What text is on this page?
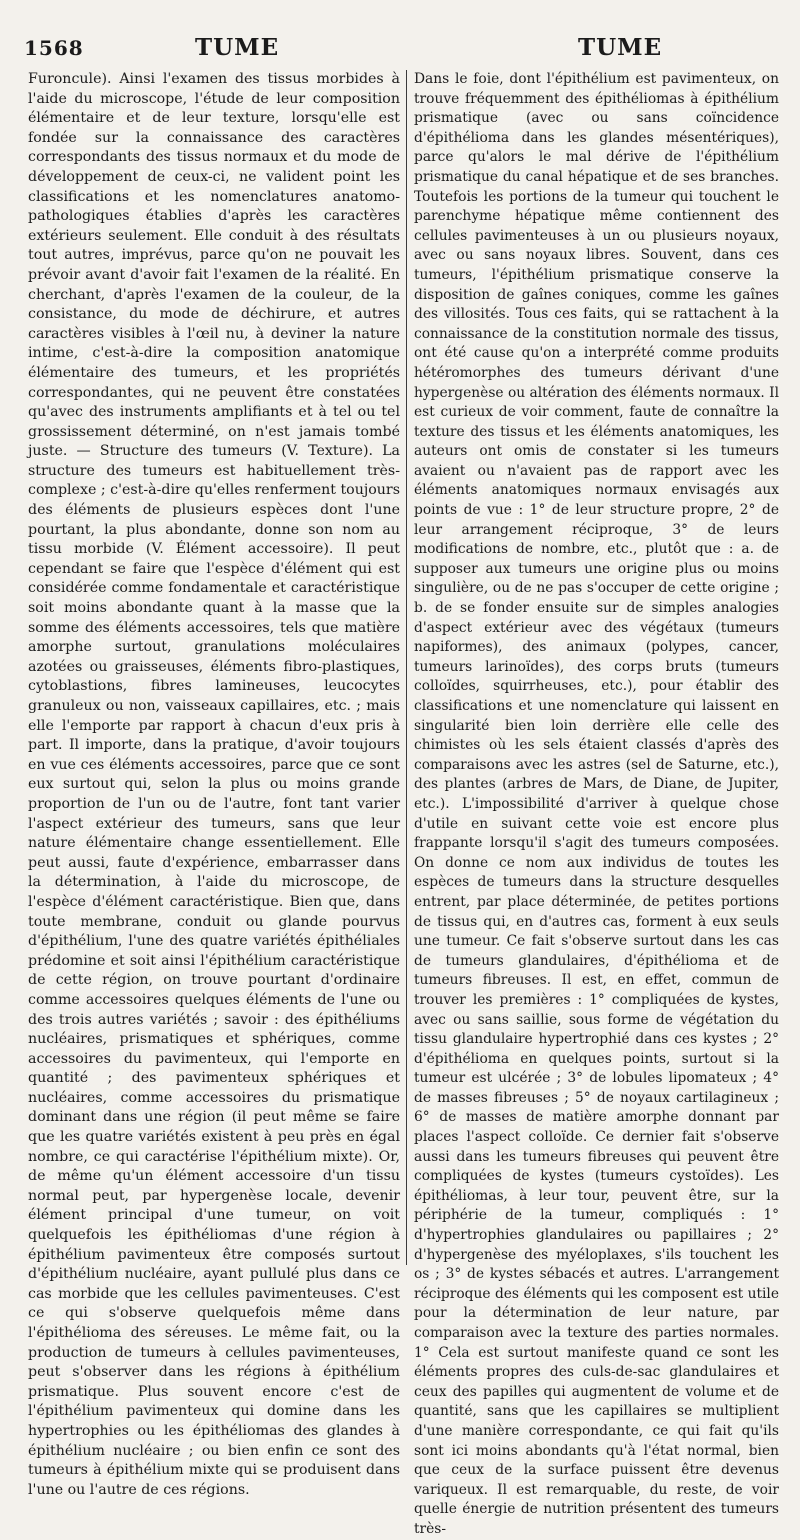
1568	TUME	TUME

Furoncule). Ainsi l'examen des tissus morbides à l'aide du microscope, l'étude de leur composition élémentaire et de leur texture, lorsqu'elle est fondée sur la connaissance des caractères correspondants des tissus normaux et du mode de développement de ceux-ci, ne valident point les classifications et les nomenclatures anatomo-pathologiques établies d'après les caractères extérieurs seulement. Elle conduit à des résultats tout autres, imprévus, parce qu'on ne pouvait les prévoir avant d'avoir fait l'examen de la réalité. En cherchant, d'après l'examen de la couleur, de la consistance, du mode de déchirure, et autres caractères visibles à l'œil nu, à deviner la nature intime, c'est-à-dire la composition anatomique élémentaire des tumeurs, et les propriétés correspondantes, qui ne peuvent être constatées qu'avec des instruments amplifiants et à tel ou tel grossissement déterminé, on n'est jamais tombé juste. — Structure des tumeurs (V. Texture). La structure des tumeurs est habituellement très-complexe ; c'est-à-dire qu'elles renferment toujours des éléments de plusieurs espèces dont l'une pourtant, la plus abondante, donne son nom au tissu morbide (V. Élément accessoire). Il peut cependant se faire que l'espèce d'élément qui est considérée comme fondamentale et caractéristique soit moins abondante quant à la masse que la somme des éléments accessoires, tels que matière amorphe surtout, granulations moléculaires azotées ou graisseuses, éléments fibro-plastiques, cytoblastions, fibres lamineuses, leucocytes granuleux ou non, vaisseaux capillaires, etc. ; mais elle l'emporte par rapport à chacun d'eux pris à part. Il importe, dans la pratique, d'avoir toujours en vue ces éléments accessoires, parce que ce sont eux surtout qui, selon la plus ou moins grande proportion de l'un ou de l'autre, font tant varier l'aspect extérieur des tumeurs, sans que leur nature élémentaire change essentiellement. Elle peut aussi, faute d'expérience, embarrasser dans la détermination, à l'aide du microscope, de l'espèce d'élément caractéristique. Bien que, dans toute membrane, conduit ou glande pourvus d'épithélium, l'une des quatre variétés épithéliales prédomine et soit ainsi l'épithélium caractéristique de cette région, on trouve pourtant d'ordinaire comme accessoires quelques éléments de l'une ou des trois autres variétés ; savoir : des épithéliums nucléaires, prismatiques et sphériques, comme accessoires du pavimenteux, qui l'emporte en quantité ; des pavimenteux sphériques et nucléaires, comme accessoires du prismatique dominant dans une région (il peut même se faire que les quatre variétés existent à peu près en égal nombre, ce qui caractérise l'épithélium mixte). Or, de même qu'un élément accessoire d'un tissu normal peut, par hypergenèse locale, devenir élément principal d'une tumeur, on voit quelquefois les épithéliomas d'une région à épithélium pavimenteux être composés surtout d'épithélium nucléaire, ayant pullulé plus dans ce cas morbide que les cellules pavimenteuses. C'est ce qui s'observe quelquefois même dans l'épithélioma des séreuses. Le même fait, ou la production de tumeurs à cellules pavimenteuses, peut s'observer dans les régions à épithélium prismatique. Plus souvent encore c'est de l'épithélium pavimenteux qui domine dans les hypertrophies ou les épithéliomas des glandes à épithélium nucléaire ; ou bien enfin ce sont des tumeurs à épithélium mixte qui se produisent dans l'une ou l'autre de ces régions.

Dans le foie, dont l'épithélium est pavimenteux, on trouve fréquemment des épithéliomas à épithélium prismatique (avec ou sans coïncidence d'épithélioma dans les glandes mésentériques), parce qu'alors le mal dérive de l'épithélium prismatique du canal hépatique et de ses branches. Toutefois les portions de la tumeur qui touchent le parenchyme hépatique même contiennent des cellules pavimenteuses à un ou plusieurs noyaux, avec ou sans noyaux libres. Souvent, dans ces tumeurs, l'épithélium prismatique conserve la disposition de gaînes coniques, comme les gaînes des villosités. Tous ces faits, qui se rattachent à la connaissance de la constitution normale des tissus, ont été cause qu'on a interprété comme produits hétéromorphes des tumeurs dérivant d'une hypergenèse ou altération des éléments normaux. Il est curieux de voir comment, faute de connaître la texture des tissus et les éléments anatomiques, les auteurs ont omis de constater si les tumeurs avaient ou n'avaient pas de rapport avec les éléments anatomiques normaux envisagés aux points de vue : 1° de leur structure propre, 2° de leur arrangement réciproque, 3° de leurs modifications de nombre, etc., plutôt que : a. de supposer aux tumeurs une origine plus ou moins singulière, ou de ne pas s'occuper de cette origine ; b. de se fonder ensuite sur de simples analogies d'aspect extérieur avec des végétaux (tumeurs napiformes), des animaux (polypes, cancer, tumeurs larinoïdes), des corps bruts (tumeurs colloïdes, squirrheuses, etc.), pour établir des classifications et une nomenclature qui laissent en singularité bien loin derrière elle celle des chimistes où les sels étaient classés d'après des comparaisons avec les astres (sel de Saturne, etc.), des plantes (arbres de Mars, de Diane, de Jupiter, etc.). L'impossibilité d'arriver à quelque chose d'utile en suivant cette voie est encore plus frappante lorsqu'il s'agit des tumeurs composées. On donne ce nom aux individus de toutes les espèces de tumeurs dans la structure desquelles entrent, par place déterminée, de petites portions de tissus qui, en d'autres cas, forment à eux seuls une tumeur. Ce fait s'observe surtout dans les cas de tumeurs glandulaires, d'épithélioma et de tumeurs fibreuses. Il est, en effet, commun de trouver les premières : 1° compliquées de kystes, avec ou sans saillie, sous forme de végétation du tissu glandulaire hypertrophié dans ces kystes ; 2° d'épithélioma en quelques points, surtout si la tumeur est ulcérée ; 3° de lobules lipomateux ; 4° de masses fibreuses ; 5° de noyaux cartilagineux ; 6° de masses de matière amorphe donnant par places l'aspect colloïde. Ce dernier fait s'observe aussi dans les tumeurs fibreuses qui peuvent être compliquées de kystes (tumeurs cystoïdes). Les épithéliomas, à leur tour, peuvent être, sur la périphérie de la tumeur, compliqués : 1° d'hypertrophies glandulaires ou papillaires ; 2° d'hypergenèse des myéloplaxes, s'ils touchent les os ; 3° de kystes sébacés et autres. L'arrangement réciproque des éléments qui les composent est utile pour la détermination de leur nature, par comparaison avec la texture des parties normales. 1° Cela est surtout manifeste quand ce sont les éléments propres des culs-de-sac glandulaires et ceux des papilles qui augmentent de volume et de quantité, sans que les capillaires se multiplient d'une manière correspondante, ce qui fait qu'ils sont ici moins abondants qu'à l'état normal, bien que ceux de la surface puissent être devenus variqueux. Il est remarquable, du reste, de voir quelle énergie de nutrition présentent des tumeurs très-
